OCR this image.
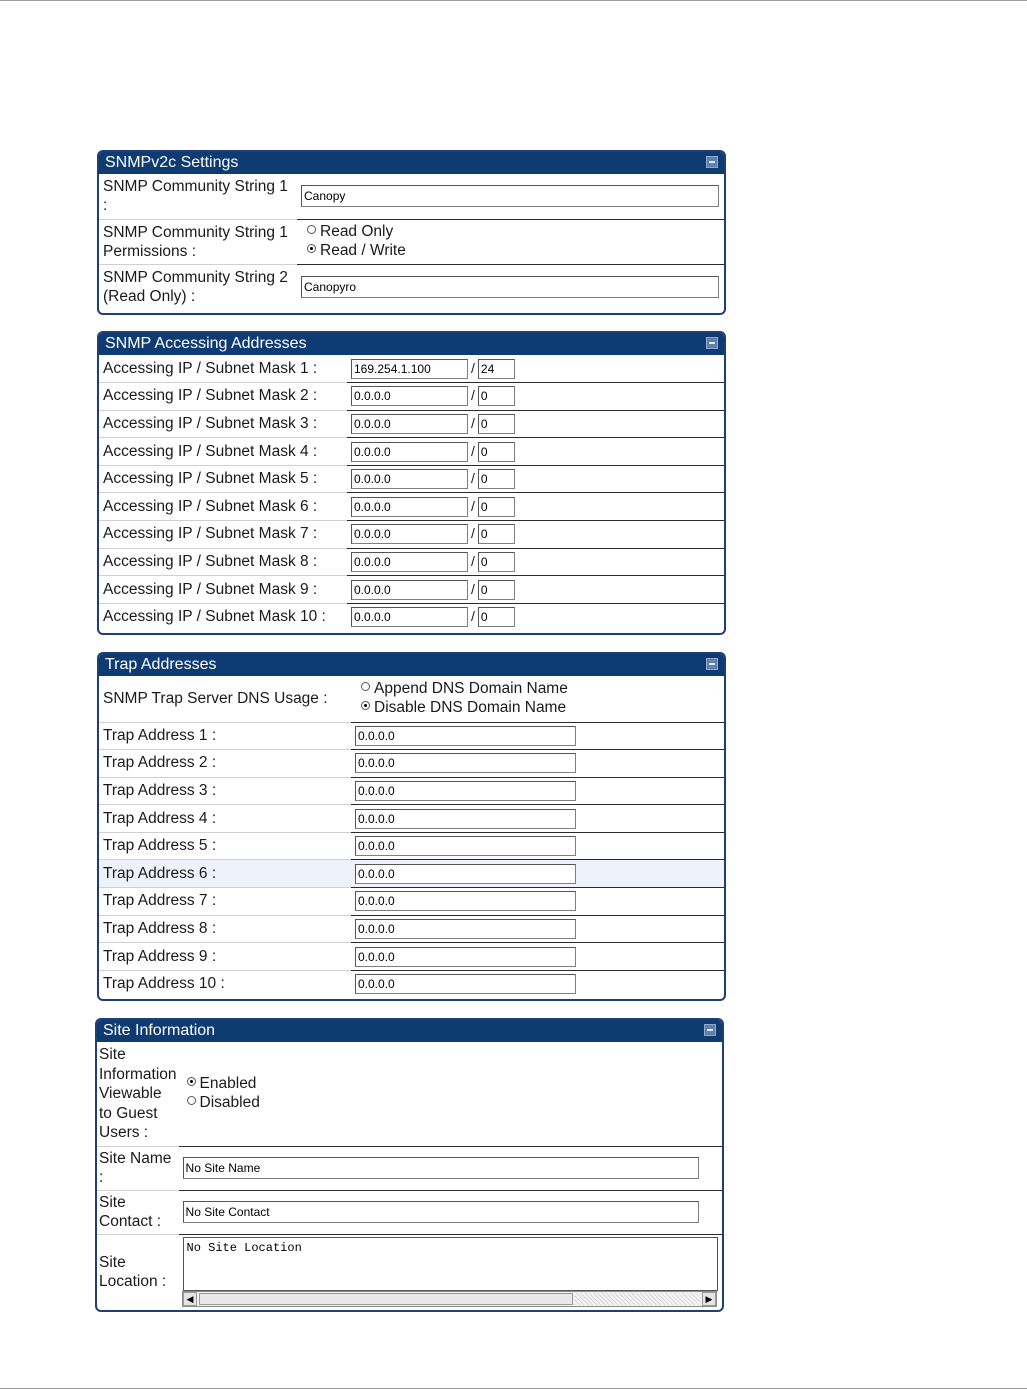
SNMPv2c Settings
SNMP Community String 1 :	Canopy
SNMP Community String 1 Permissions :	Read Only
Read / Write

SNMP Community String 2 (Read Only) :	Canopyro
SNMP Accessing Addresses
Accessing IP / Subnet Mask 1 :	169.254.1.100/24
Accessing IP / Subnet Mask 2 :	0.0.0.0/0
Accessing IP / Subnet Mask 3 :	0.0.0.0/0
Accessing IP / Subnet Mask 4 :	0.0.0.0/0
Accessing IP / Subnet Mask 5 :	0.0.0.0/0
Accessing IP / Subnet Mask 6 :	0.0.0.0/0
Accessing IP / Subnet Mask 7 :	0.0.0.0/0
Accessing IP / Subnet Mask 8 :	0.0.0.0/0
Accessing IP / Subnet Mask 9 :	0.0.0.0/0
Accessing IP / Subnet Mask 10 :	0.0.0.0/0
Trap Addresses
SNMP Trap Server DNS Usage :	Append DNS Domain Name
Disable DNS Domain Name

Trap Address 1 :	0.0.0.0
Trap Address 2 :	0.0.0.0
Trap Address 3 :	0.0.0.0
Trap Address 4 :	0.0.0.0
Trap Address 5 :	0.0.0.0
Trap Address 6 :	0.0.0.0
Trap Address 7 :	0.0.0.0
Trap Address 8 :	0.0.0.0
Trap Address 9 :	0.0.0.0
Trap Address 10 :	0.0.0.0
Site Information
Site Information Viewable to Guest Users :	Enabled
Disabled

Site Name :	No Site Name
Site Contact :	No Site Contact
Site Location :	No Site Location
◀	▶
